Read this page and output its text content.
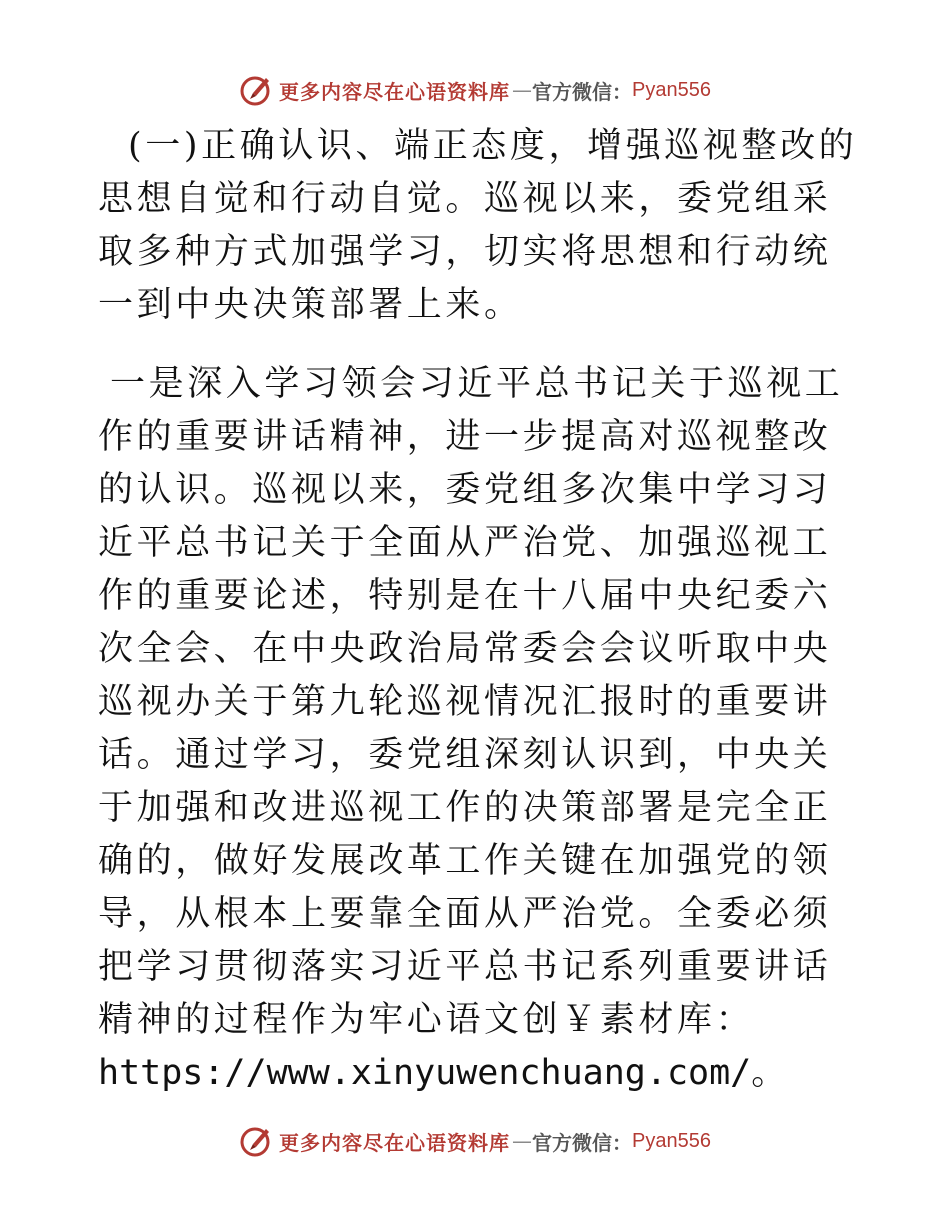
更多内容尽在心语资料库 — 官方微信： Pyan556

(一)正确认识、端正态度，增强巡视整改的思想自觉和行动自觉。巡视以来，委党组采取多种方式加强学习，切实将思想和行动统一到中央决策部署上来。

一是深入学习领会习近平总书记关于巡视工作的重要讲话精神，进一步提高对巡视整改的认识。巡视以来，委党组多次集中学习习近平总书记关于全面从严治党、加强巡视工作的重要论述，特别是在十八届中央纪委六次全会、在中央政治局常委会会议听取中央巡视办关于第九轮巡视情况汇报时的重要讲话。通过学习，委党组深刻认识到，中央关于加强和改进巡视工作的决策部署是完全正确的，做好发展改革工作关键在加强党的领导，从根本上要靠全面从严治党。全委必须把学习贯彻落实习近平总书记系列重要讲话精神的过程作为牢心语文创￥素材库：https://www.xinyuwenchuang.com/。

更多内容尽在心语资料库 — 官方微信： Pyan556
